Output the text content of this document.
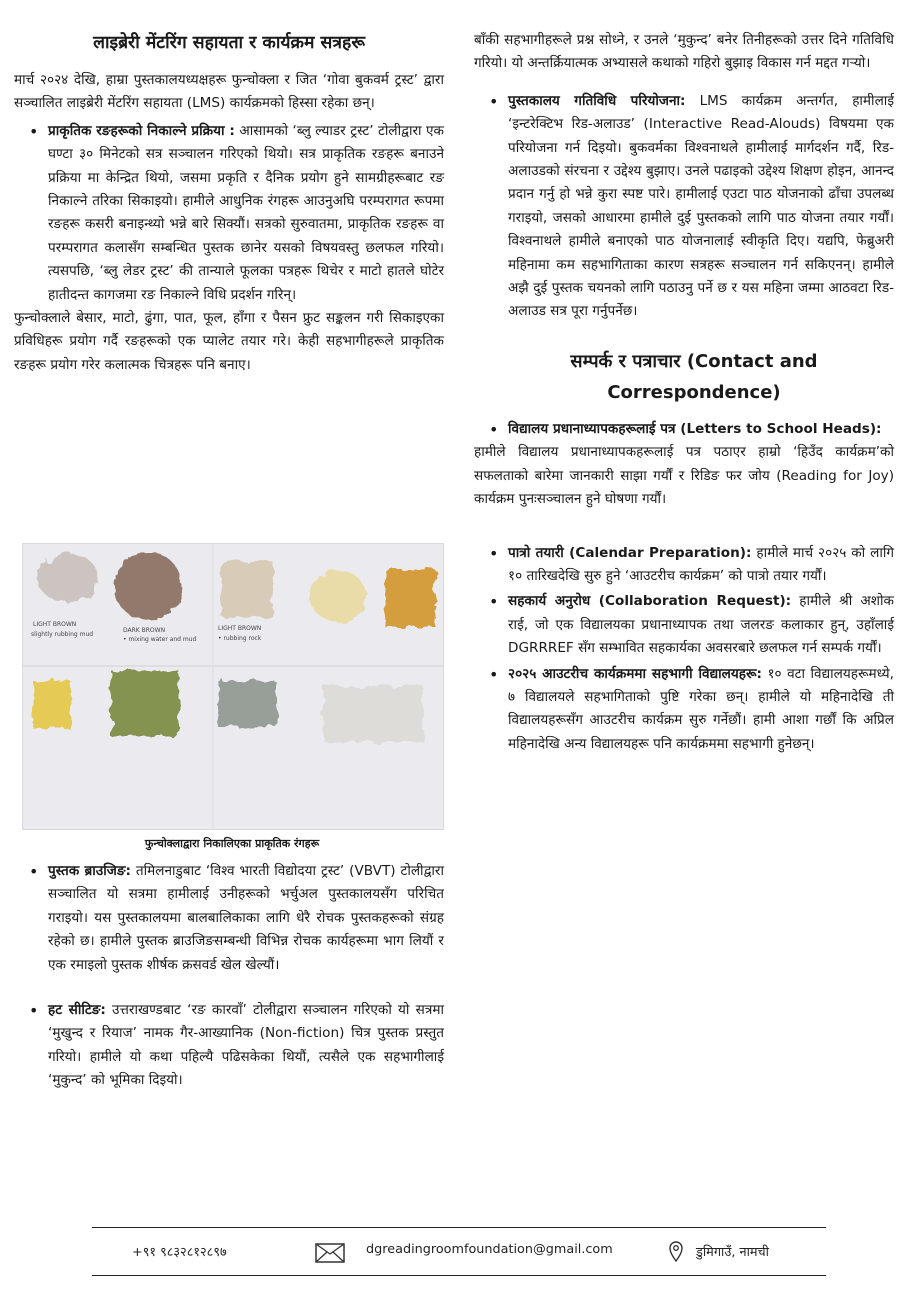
लाइब्रेरी मेंटरिंग सहायता र कार्यक्रम सत्रहरू

मार्च २०२४ देखि, हाम्रा पुस्तकालयध्यक्षहरू फुन्चोक्ला र जित ‘गोवा बुकवर्म ट्रस्ट’ द्वारा सञ्चालित लाइब्रेरी मेंटरिंग सहायता (LMS) कार्यक्रमको हिस्सा रहेका छन्।

• प्राकृतिक रङहरूको निकाल्ने प्रक्रिया : आसामको ‘ब्लु ल्याडर ट्रस्ट’ टोलीद्वारा एक घण्टा ३० मिनेटको सत्र सञ्चालन गरिएको थियो। सत्र प्राकृतिक रङहरू बनाउने प्रक्रिया मा केन्द्रित थियो, जसमा प्रकृति र दैनिक प्रयोग हुने सामग्रीहरूबाट रङ निकाल्ने तरिका सिकाइयो। हामीले आधुनिक रंगहरू आउनुअघि परम्परागत रूपमा रङहरू कसरी बनाइन्थ्यो भन्ने बारे सिक्यौं। सत्रको सुरुवातमा, प्राकृतिक रङहरू वा परम्परागत कलासँग सम्बन्धित पुस्तक छानेर यसको विषयवस्तु छलफल गरियो। त्यसपछि, ‘ब्लु लेडर ट्रस्ट’ की तान्याले फूलका पत्रहरू थिचेर र माटो हातले घोटेर हातीदन्त कागजमा रङ निकाल्ने विधि प्रदर्शन गरिन्।

फुन्चोक्लाले बेसार, माटो, ढुंगा, पात, फूल, हाँगा र पैसन फ्रुट सङ्कलन गरी सिकाइएका प्रविधिहरू प्रयोग गर्दै रङहरूको एक प्यालेट तयार गरे। केही सहभागीहरूले प्राकृतिक रङहरू प्रयोग गरेर कलात्मक चित्रहरू पनि बनाए।

LIGHT BROWN
slightly rubbing mud
DARK BROWN
• mixing water and mud
LIGHT BROWN
• rubbing rock
फुन्चोक्लाद्वारा निकालिएका प्राकृतिक रंगहरू
• पुस्तक ब्राउजिङ: तमिलनाडुबाट ‘विश्व भारती विद्योदया ट्रस्ट’ (VBVT) टोलीद्वारा सञ्चालित यो सत्रमा हामीलाई उनीहरूको भर्चुअल पुस्तकालयसँग परिचित गराइयो। यस पुस्तकालयमा बालबालिकाका लागि धेरै रोचक पुस्तकहरूको संग्रह रहेको छ। हामीले पुस्तक ब्राउजिङसम्बन्धी विभिन्न रोचक कार्यहरूमा भाग लियौं र एक रमाइलो पुस्तक शीर्षक क्रसवर्ड खेल खेल्यौं।
• हट सीटिङ: उत्तराखण्डबाट ‘रङ कारवाँ’ टोलीद्वारा सञ्चालन गरिएको यो सत्रमा ‘मुखुन्द र रियाज’ नामक गैर-आख्यानिक (Non-fiction) चित्र पुस्तक प्रस्तुत गरियो। हामीले यो कथा पहिल्यै पढिसकेका थियौं, त्यसैले एक सहभागीलाई ‘मुकुन्द’ को भूमिका दिइयो।

बाँकी सहभागीहरूले प्रश्न सोध्ने, र उनले ‘मुकुन्द’ बनेर तिनीहरूको उत्तर दिने गतिविधि गरियो। यो अन्तर्क्रियात्मक अभ्यासले कथाको गहिरो बुझाइ विकास गर्न मद्दत गर्‍यो।

• पुस्तकालय गतिविधि परियोजना: LMS कार्यक्रम अन्तर्गत, हामीलाई ‘इन्टरेक्टिभ रिड-अलाउड’ (Interactive Read-Alouds) विषयमा एक परियोजना गर्न दिइयो। बुकवर्मका विश्वनाथले हामीलाई मार्गदर्शन गर्दै, रिड-अलाउडको संरचना र उद्देश्य बुझाए। उनले पढाइको उद्देश्य शिक्षण होइन, आनन्द प्रदान गर्नु हो भन्ने कुरा स्पष्ट पारे। हामीलाई एउटा पाठ योजनाको ढाँचा उपलब्ध गराइयो, जसको आधारमा हामीले दुई पुस्तकको लागि पाठ योजना तयार गर्यौं। विश्वनाथले हामीले बनाएको पाठ योजनालाई स्वीकृति दिए। यद्यपि, फेब्रुअरी महिनामा कम सहभागिताका कारण सत्रहरू सञ्चालन गर्न सकिएनन्। हामीले अझै दुई पुस्तक चयनको लागि पठाउनु पर्ने छ र यस महिना जम्मा आठवटा रिड-अलाउड सत्र पूरा गर्नुपर्नेछ।
सम्पर्क र पत्राचार (Contact and Correspondence)
• विद्यालय प्रधानाध्यापकहरूलाई पत्र (Letters to School Heads):

हामीले विद्यालय प्रधानाध्यापकहरूलाई पत्र पठाएर हाम्रो ‘हिउँद कार्यक्रम’को सफलताको बारेमा जानकारी साझा गर्यौं र रिडिङ फर जोय (Reading for Joy) कार्यक्रम पुनःसञ्चालन हुने घोषणा गर्यौं।

• पात्रो तयारी (Calendar Preparation): हामीले मार्च २०२५ को लागि १० तारिखदेखि सुरु हुने ‘आउटरीच कार्यक्रम’ को पात्रो तयार गर्यौं।
• सहकार्य अनुरोध (Collaboration Request): हामीले श्री अशोक राई, जो एक विद्यालयका प्रधानाध्यापक तथा जलरङ कलाकार हुन्, उहाँलाई DGRRREF सँग सम्भावित सहकार्यका अवसरबारे छलफल गर्न सम्पर्क गर्यौं।
• २०२५ आउटरीच कार्यक्रममा सहभागी विद्यालयहरू: १० वटा विद्यालयहरूमध्ये, ७ विद्यालयले सहभागिताको पुष्टि गरेका छन्। हामीले यो महिनादेखि ती विद्यालयहरूसँग आउटरीच कार्यक्रम सुरु गर्नेछौं। हामी आशा गर्छौं कि अप्रिल महिनादेखि अन्य विद्यालयहरू पनि कार्यक्रममा सहभागी हुनेछन्।
+९१ ९८३२८१२८९७	dgreadingroomfoundation@gmail.com	डुमिगाउँ, नामची
